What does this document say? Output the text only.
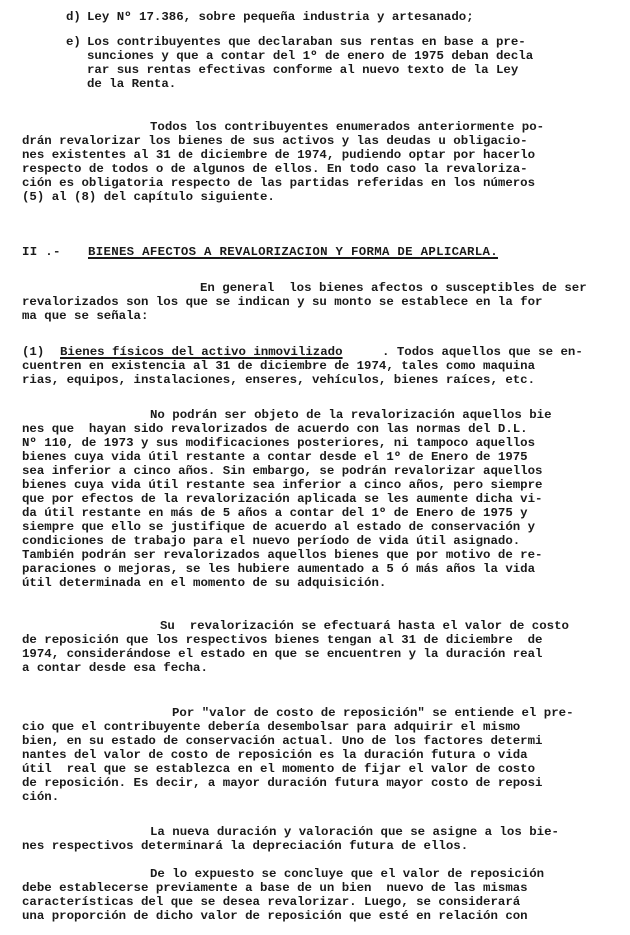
d) Ley Nº 17.386, sobre pequeña industria y artesanado;
e) Los contribuyentes que declaraban sus rentas en base a pre-
sunciones y que a contar del 1º de enero de 1975 deban decla
rar sus rentas efectivas conforme al nuevo texto de la Ley
de la Renta.
Todos los contribuyentes enumerados anteriormente po-
drán revalorizar los bienes de sus activos y las deudas u obligacio-
nes existentes al 31 de diciembre de 1974, pudiendo optar por hacerlo
respecto de todos o de algunos de ellos. En todo caso la revaloriza-
ción es obligatoria respecto de las partidas referidas en los números
(5) al (8) del capítulo siguiente.
II .- BIENES AFECTOS A REVALORIZACION Y FORMA DE APLICARLA.
En general  los bienes afectos o susceptibles de ser
revalorizados son los que se indican y su monto se establece en la for
ma que se señala:
(1) Bienes físicos del activo inmovilizado	. Todos aquellos que se en-
cuentren en existencia al 31 de diciembre de 1974, tales como maquina
rias, equipos, instalaciones, enseres, vehículos, bienes raíces, etc.
No podrán ser objeto de la revalorización aquellos bie
nes que  hayan sido revalorizados de acuerdo con las normas del D.L.
Nº 110, de 1973 y sus modificaciones posteriores, ni tampoco aquellos
bienes cuya vida útil restante a contar desde el 1º de Enero de 1975
sea inferior a cinco años. Sin embargo, se podrán revalorizar aquellos
bienes cuya vida útil restante sea inferior a cinco años, pero siempre
que por efectos de la revalorización aplicada se les aumente dicha vi-
da útil restante en más de 5 años a contar del 1º de Enero de 1975 y
siempre que ello se justifique de acuerdo al estado de conservación y
condiciones de trabajo para el nuevo período de vida útil asignado.
También podrán ser revalorizados aquellos bienes que por motivo de re-
paraciones o mejoras, se les hubiere aumentado a 5 ó más años la vida
útil determinada en el momento de su adquisición.
Su  revalorización se efectuará hasta el valor de costo
de reposición que los respectivos bienes tengan al 31 de diciembre  de
1974, considerándose el estado en que se encuentren y la duración real
a contar desde esa fecha.
Por "valor de costo de reposición" se entiende el pre-
cio que el contribuyente debería desembolsar para adquirir el mismo
bien, en su estado de conservación actual. Uno de los factores determi
nantes del valor de costo de reposición es la duración futura o vida
útil  real que se establezca en el momento de fijar el valor de costo
de reposición. Es decir, a mayor duración futura mayor costo de reposi
ción.
La nueva duración y valoración que se asigne a los bie-
nes respectivos determinará la depreciación futura de ellos.
De lo expuesto se concluye que el valor de reposición
debe establecerse previamente a base de un bien  nuevo de las mismas
características del que se desea revalorizar. Luego, se considerará
una proporción de dicho valor de reposición que esté en relación con
